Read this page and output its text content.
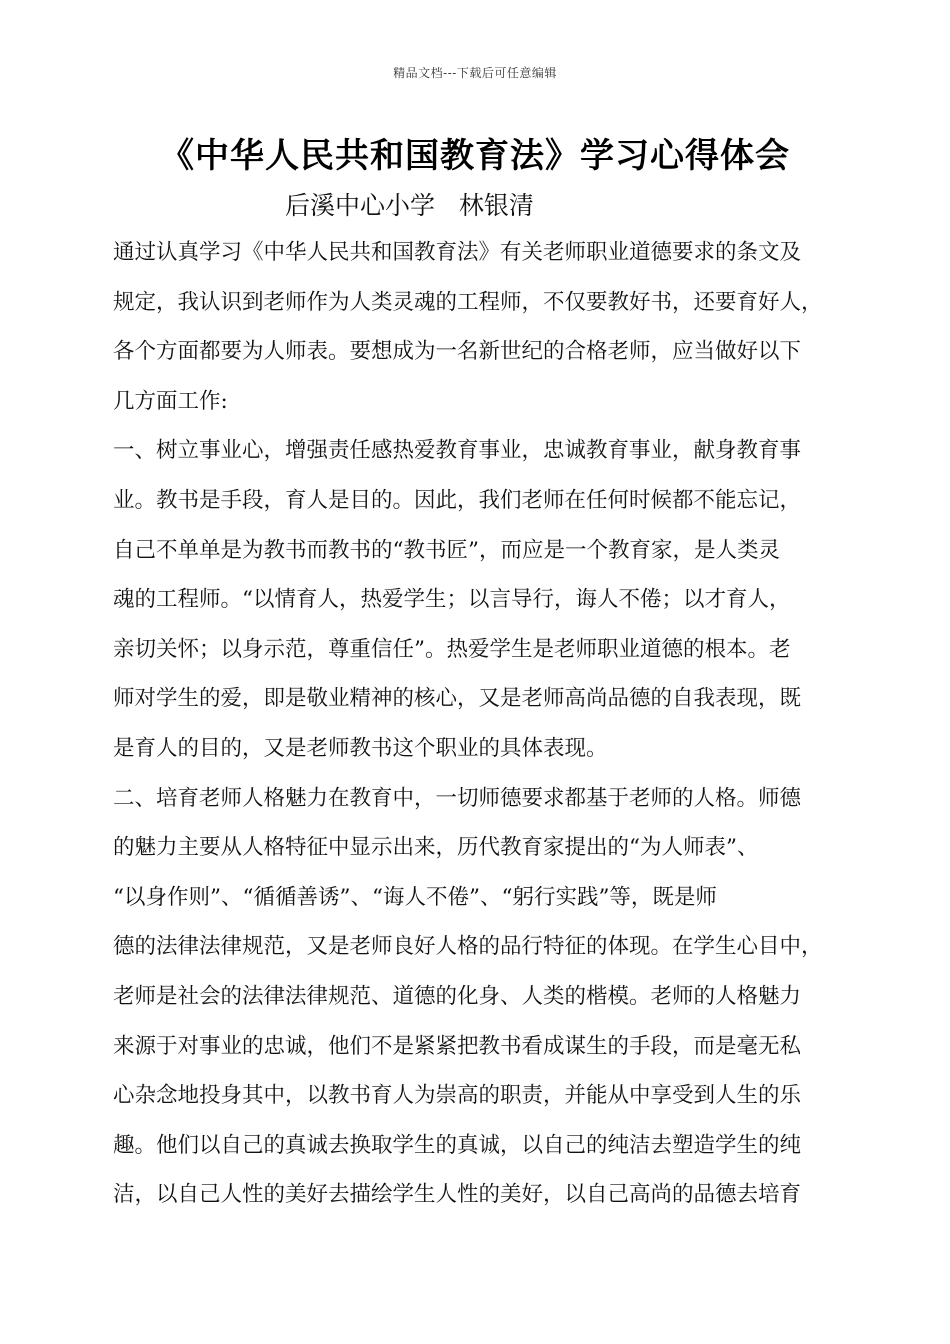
精品文档---下载后可任意编辑
《中华人民共和国教育法》学习心得体会
后溪中心小学   林银清
通过认真学习《中华人民共和国教育法》有关老师职业道德要求的条文及
规定，我认识到老师作为人类灵魂的工程师，不仅要教好书，还要育好人，
各个方面都要为人师表。要想成为一名新世纪的合格老师，应当做好以下
几方面工作:
一、树立事业心，增强责任感热爱教育事业，忠诚教育事业，献身教育事
业。教书是手段，育人是目的。因此，我们老师在任何时候都不能忘记，
自己不单单是为教书而教书的“教书匠”，而应是一个教育家，是人类灵
魂的工程师。“以情育人，热爱学生；以言导行，诲人不倦；以才育人，
亲切关怀；以身示范，尊重信任”。热爱学生是老师职业道德的根本。老
师对学生的爱，即是敬业精神的核心，又是老师高尚品德的自我表现，既
是育人的目的，又是老师教书这个职业的具体表现。
二、培育老师人格魅力在教育中，一切师德要求都基于老师的人格。师德
的魅力主要从人格特征中显示出来，历代教育家提出的“为人师表”、
“以身作则”、“循循善诱”、“诲人不倦”、“躬行实践”等，既是师
德的法律法律规范，又是老师良好人格的品行特征的体现。在学生心目中，
老师是社会的法律法律规范、道德的化身、人类的楷模。老师的人格魅力
来源于对事业的忠诚，他们不是紧紧把教书看成谋生的手段，而是毫无私
心杂念地投身其中，以教书育人为崇高的职责，并能从中享受到人生的乐
趣。他们以自己的真诚去换取学生的真诚，以自己的纯洁去塑造学生的纯
洁，以自己人性的美好去描绘学生人性的美好，以自己高尚的品德去培育
